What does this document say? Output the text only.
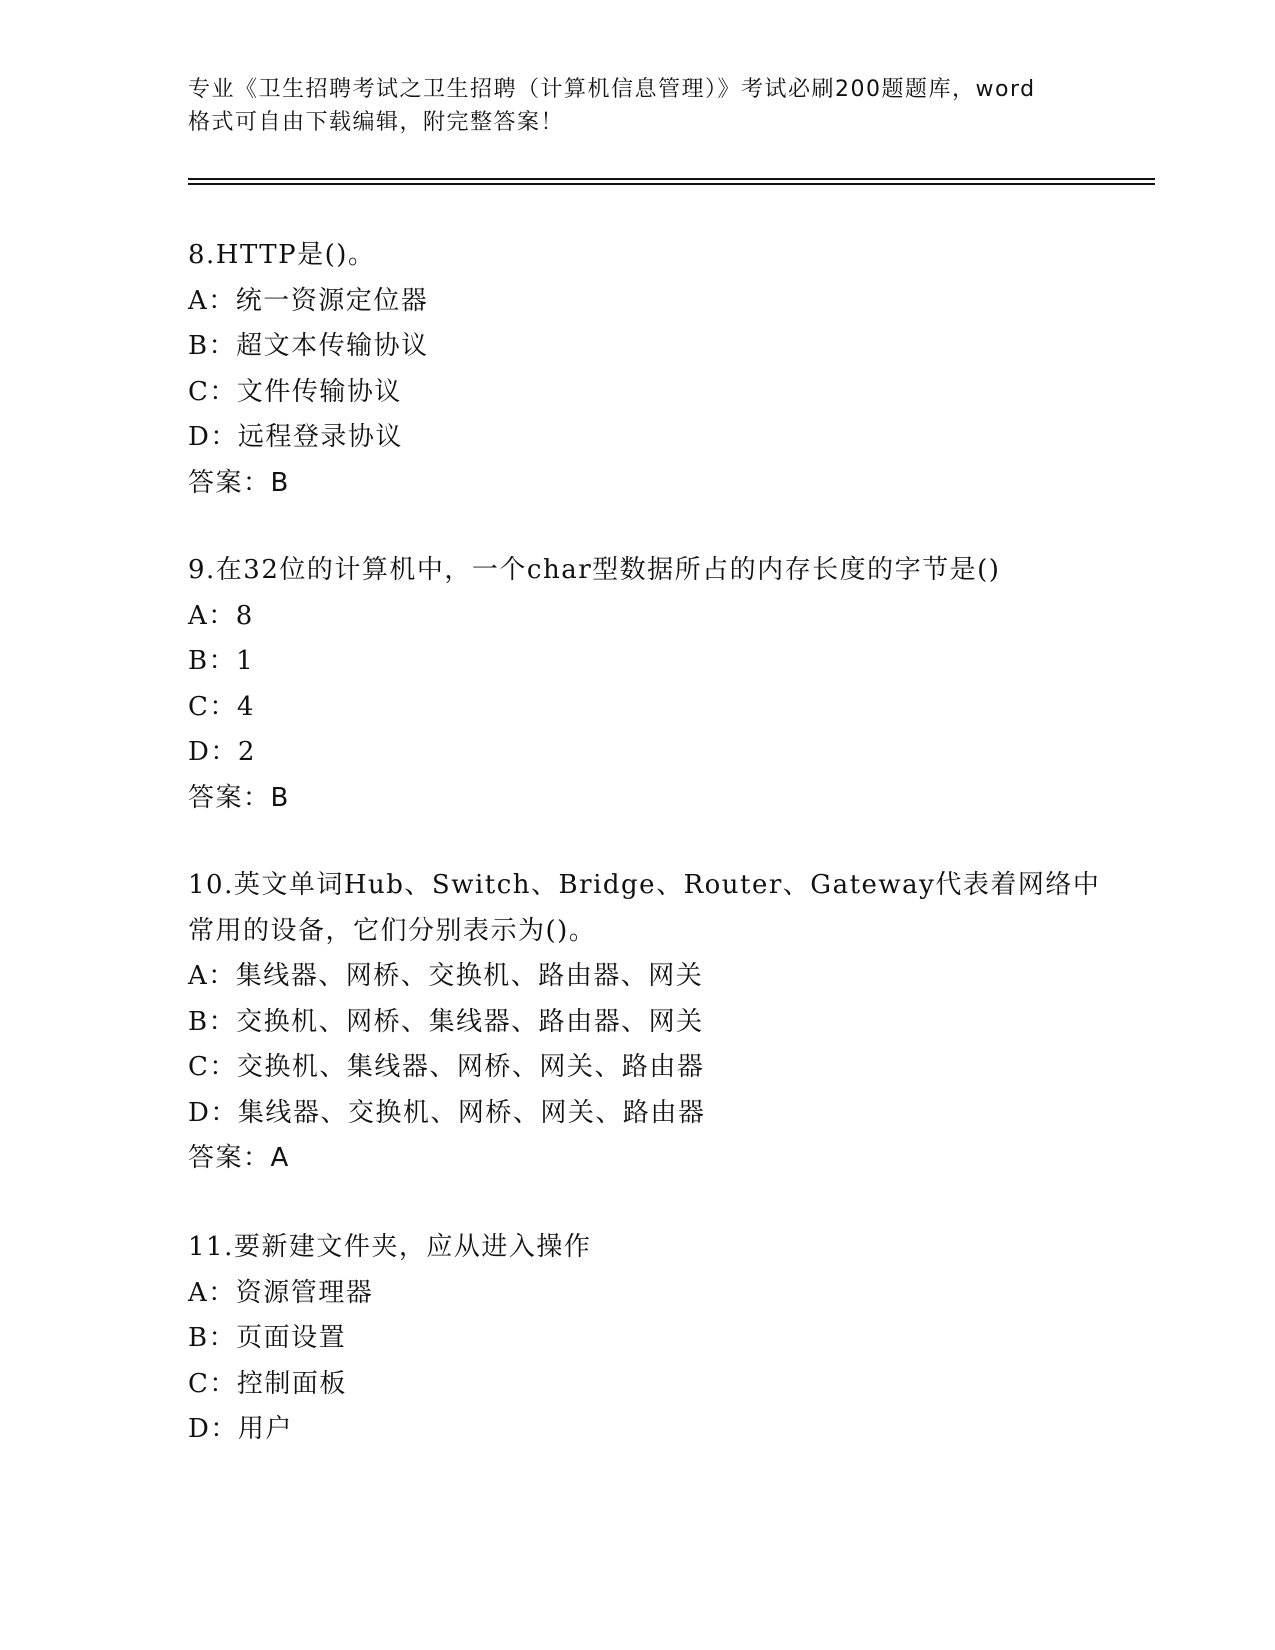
专业《卫生招聘考试之卫生招聘（计算机信息管理）》考试必刷200题题库，word
格式可自由下载编辑，附完整答案！
8.HTTP是()。
A：统一资源定位器
B：超文本传输协议
C：文件传输协议
D：远程登录协议
答案：B
9.在32位的计算机中，一个char型数据所占的内存长度的字节是()
A：8
B：1
C：4
D：2
答案：B
10.英文单词Hub、Switch、Bridge、Router、Gateway代表着网络中
常用的设备，它们分别表示为()。
A：集线器、网桥、交换机、路由器、网关
B：交换机、网桥、集线器、路由器、网关
C：交换机、集线器、网桥、网关、路由器
D：集线器、交换机、网桥、网关、路由器
答案：A
11.要新建文件夹，应从进入操作
A：资源管理器
B：页面设置
C：控制面板
D：用户
